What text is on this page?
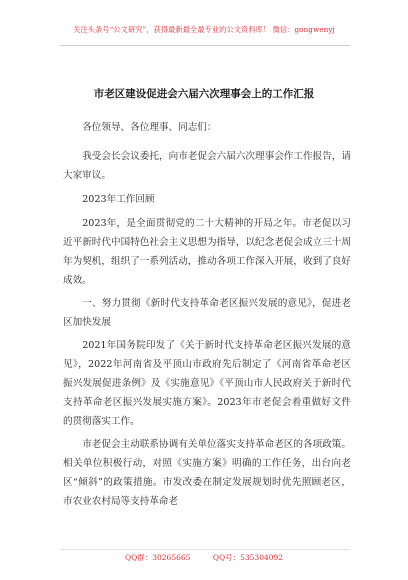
关注头条号“公文研究”，获得最新最全最专业的公文资料库！ 微信：gongwenyj
市老区建设促进会六届六次理事会上的工作汇报

各位领导、各位理事、同志们：

我受会长会议委托，向市老促会六届六次理事会作工作报告，请大家审议。

2023年工作回顾

2023年，是全面贯彻党的二十大精神的开局之年。市老促以习近平新时代中国特色社会主义思想为指导，以纪念老促会成立三十周年为契机，组织了一系列活动，推动各项工作深入开展，收到了良好成效。

一、努力贯彻《新时代支持革命老区振兴发展的意见》，促进老区加快发展

2021年国务院印发了《关于新时代支持革命老区振兴发展的意见》，2022年河南省及平顶山市政府先后制定了《河南省革命老区振兴发展促进条例》及《实施意见》《平顶山市人民政府关于新时代支持革命老区振兴发展实施方案》。2023年市老促会着重做好文件的贯彻落实工作。

市老促会主动联系协调有关单位落实支持革命老区的各项政策。相关单位积极行动，对照《实施方案》明确的工作任务，出台向老区“倾斜”的政策措施。市发改委在制定发展规划时优先照顾老区，市农业农村局等支持革命老

QQ群：30265665	QQ号：535304092
